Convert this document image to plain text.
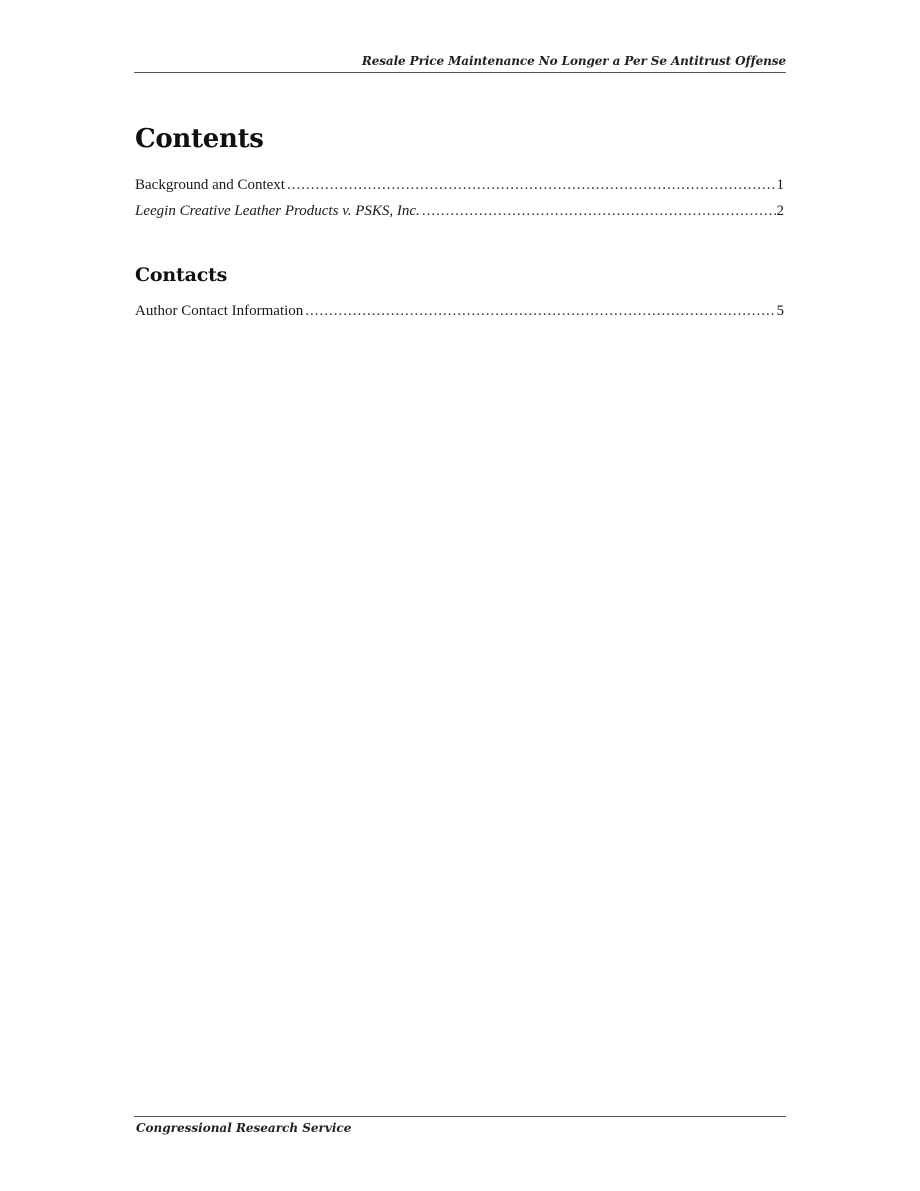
Resale Price Maintenance No Longer a Per Se Antitrust Offense
Contents
Background and Context .....	1
Leegin Creative Leather Products v. PSKS, Inc. .....	2
Contacts
Author Contact Information .....	5
Congressional Research Service
